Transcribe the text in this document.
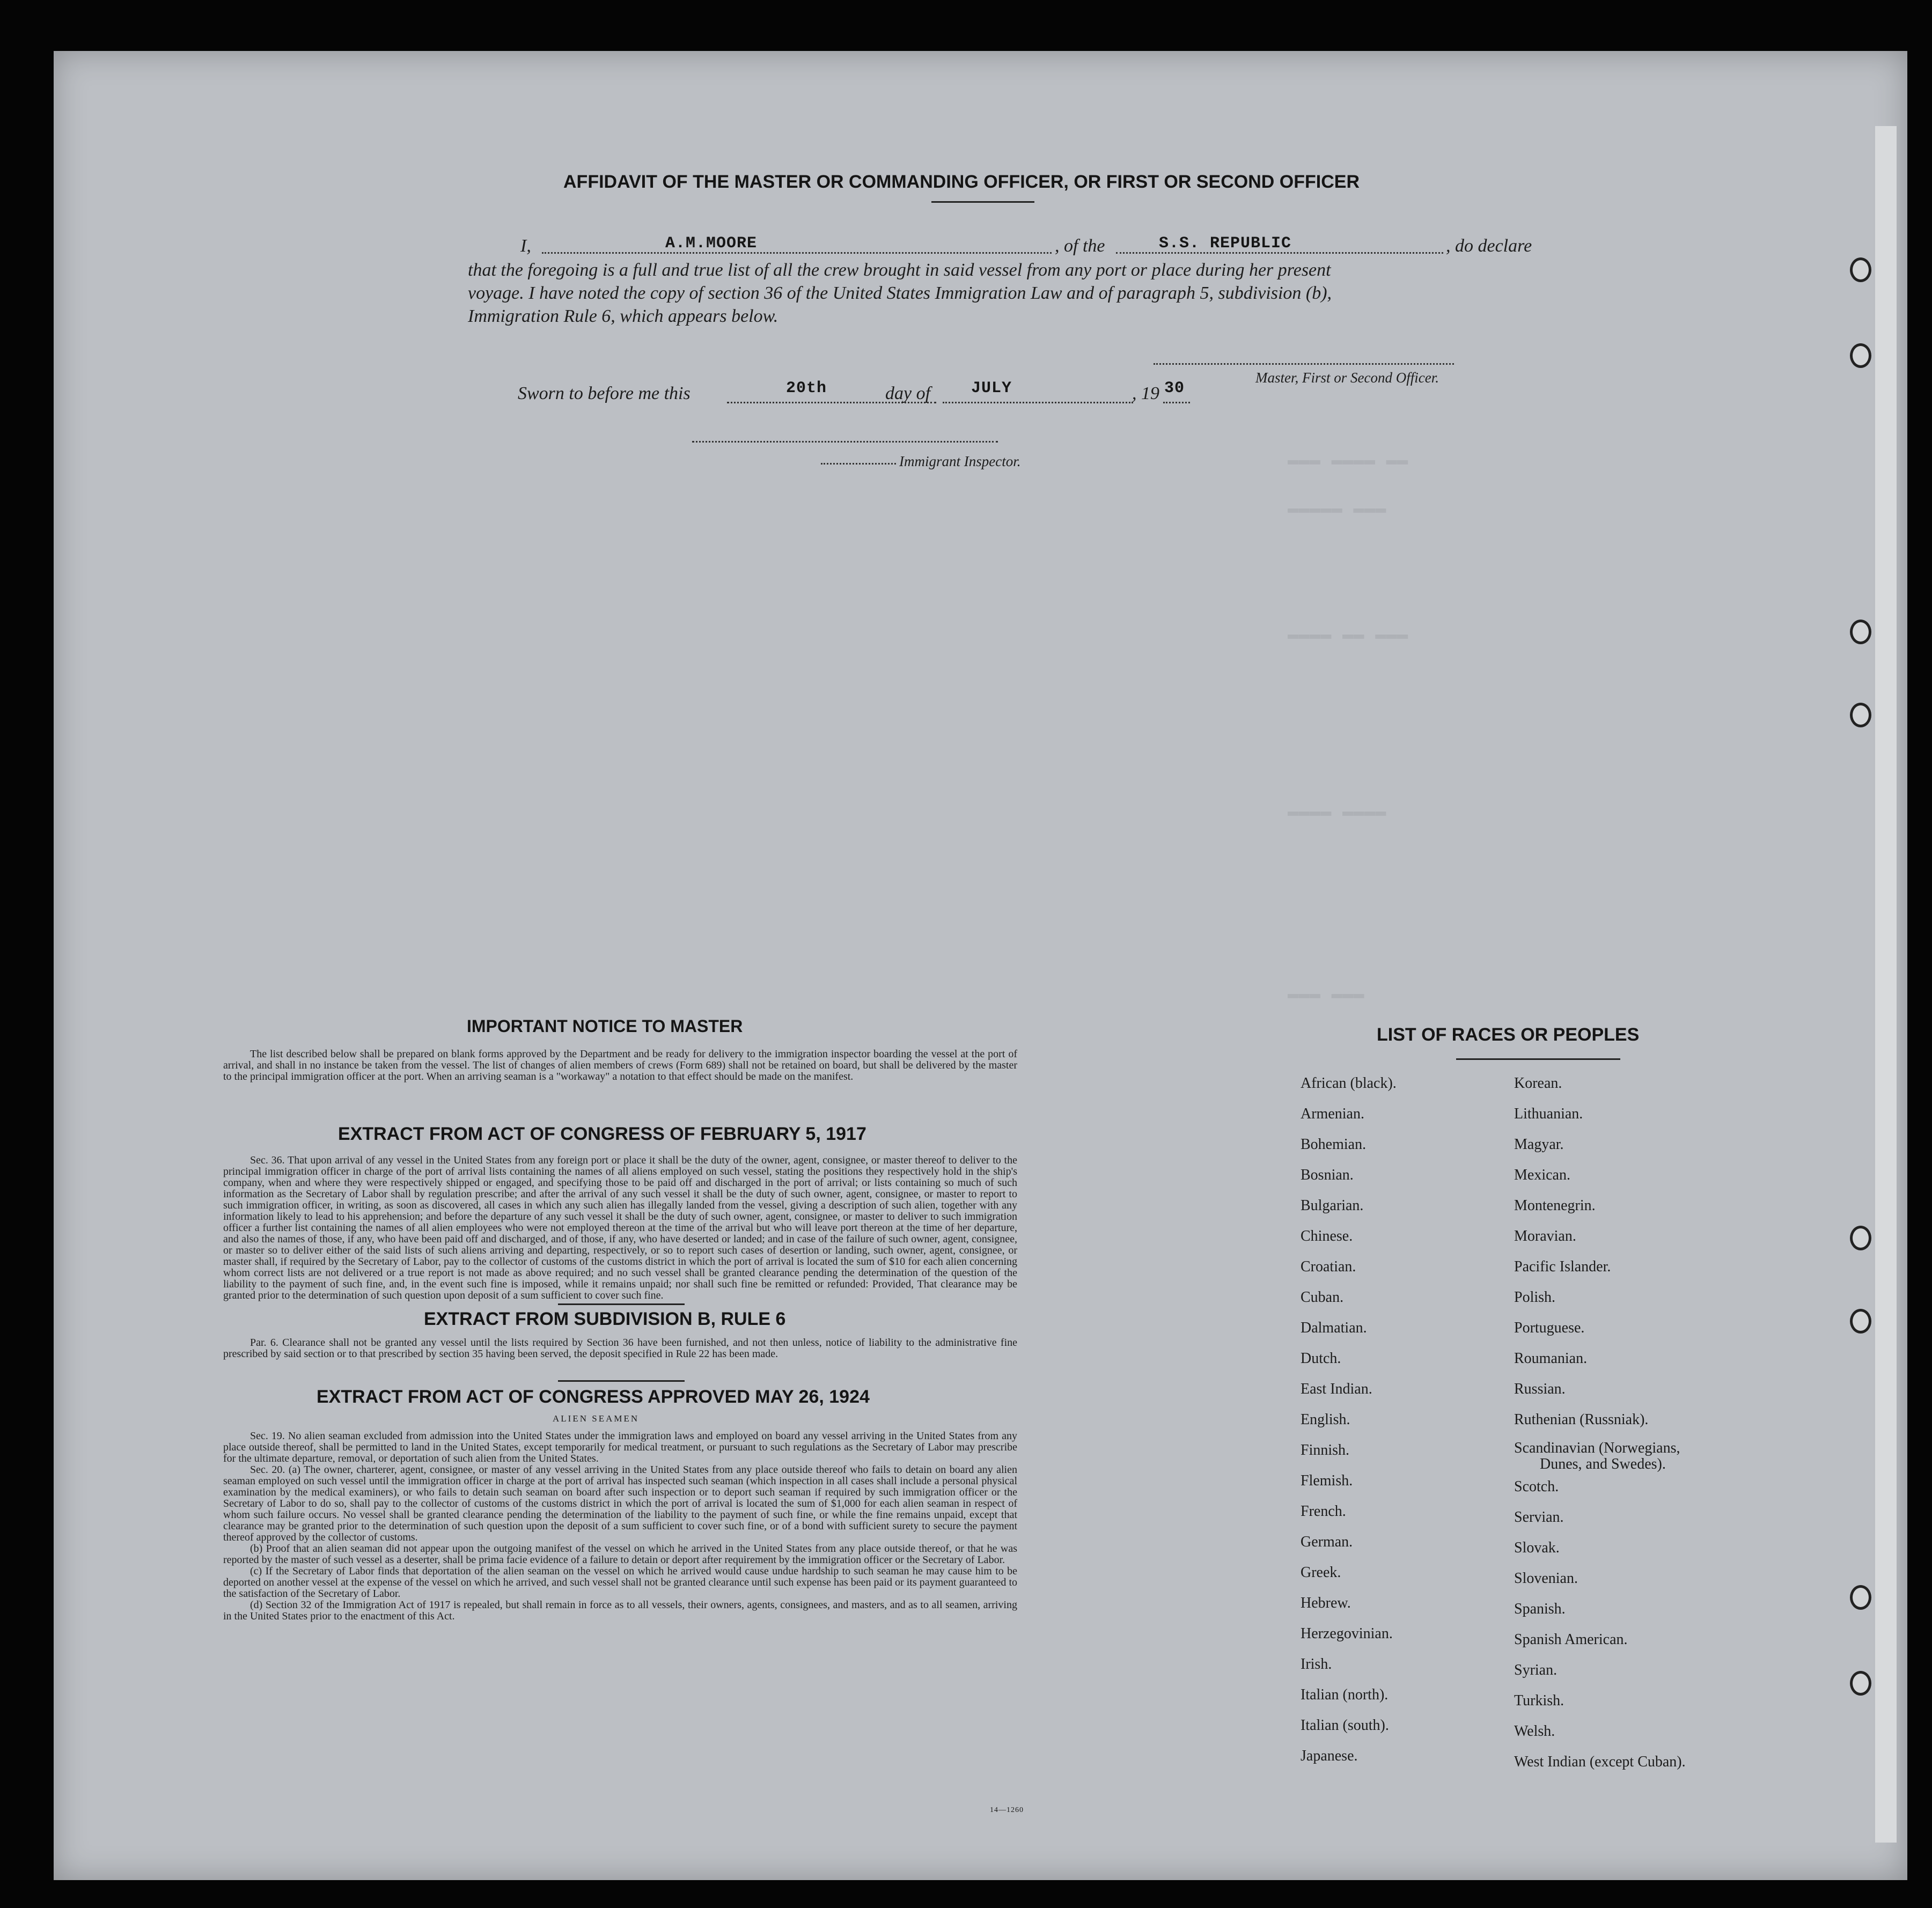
▬▬▬ ▬▬▬▬ ▬▬
▬▬▬▬▬ ▬▬▬
▬▬▬▬ ▬▬ ▬▬▬
▬▬▬▬ ▬▬▬▬
▬▬▬ ▬▬▬
AFFIDAVIT OF THE MASTER OR COMMANDING OFFICER, OR FIRST OR SECOND OFFICER
I,	A.M.MOORE	, of the	S.S. REPUBLIC	, do declare
that the foregoing is a full and true list of all the crew brought in said vessel from any port or place during her present
voyage. I have noted the copy of section 36 of the United States Immigration Law and of paragraph 5, subdivision (b),
Immigration Rule 6, which appears below.
Master, First or Second Officer.
Sworn to before me this	20th	day of	JULY	, 19 30
Immigrant Inspector.
IMPORTANT NOTICE TO MASTER

The list described below shall be prepared on blank forms approved by the Department and be ready for delivery to the immigration inspector boarding the vessel at the port of arrival, and shall in no instance be taken from the vessel. The list of changes of alien members of crews (Form 689) shall not be retained on board, but shall be delivered by the master to the principal immigration officer at the port. When an arriving seaman is a "workaway" a notation to that effect should be made on the manifest.

EXTRACT FROM ACT OF CONGRESS OF FEBRUARY 5, 1917

Sec. 36. That upon arrival of any vessel in the United States from any foreign port or place it shall be the duty of the owner, agent, consignee, or master thereof to deliver to the principal immigration officer in charge of the port of arrival lists containing the names of all aliens employed on such vessel, stating the positions they respectively hold in the ship's company, when and where they were respectively shipped or engaged, and specifying those to be paid off and discharged in the port of arrival; or lists containing so much of such information as the Secretary of Labor shall by regulation prescribe; and after the arrival of any such vessel it shall be the duty of such owner, agent, consignee, or master to report to such immigration officer, in writing, as soon as discovered, all cases in which any such alien has illegally landed from the vessel, giving a description of such alien, together with any information likely to lead to his apprehension; and before the departure of any such vessel it shall be the duty of such owner, agent, consignee, or master to deliver to such immigration officer a further list containing the names of all alien employees who were not employed thereon at the time of the arrival but who will leave port thereon at the time of her departure, and also the names of those, if any, who have been paid off and discharged, and of those, if any, who have deserted or landed; and in case of the failure of such owner, agent, consignee, or master so to deliver either of the said lists of such aliens arriving and departing, respectively, or so to report such cases of desertion or landing, such owner, agent, consignee, or master shall, if required by the Secretary of Labor, pay to the collector of customs of the customs district in which the port of arrival is located the sum of $10 for each alien concerning whom correct lists are not delivered or a true report is not made as above required; and no such vessel shall be granted clearance pending the determination of the question of the liability to the payment of such fine, and, in the event such fine is imposed, while it remains unpaid; nor shall such fine be remitted or refunded: Provided, That clearance may be granted prior to the determination of such question upon deposit of a sum sufficient to cover such fine.

EXTRACT FROM SUBDIVISION B, RULE 6

Par. 6. Clearance shall not be granted any vessel until the lists required by Section 36 have been furnished, and not then unless, notice of liability to the administrative fine prescribed by said section or to that prescribed by section 35 having been served, the deposit specified in Rule 22 has been made.

EXTRACT FROM ACT OF CONGRESS APPROVED MAY 26, 1924
ALIEN SEAMEN

Sec. 19. No alien seaman excluded from admission into the United States under the immigration laws and employed on board any vessel arriving in the United States from any place outside thereof, shall be permitted to land in the United States, except temporarily for medical treatment, or pursuant to such regulations as the Secretary of Labor may prescribe for the ultimate departure, removal, or deportation of such alien from the United States.

Sec. 20. (a) The owner, charterer, agent, consignee, or master of any vessel arriving in the United States from any place outside thereof who fails to detain on board any alien seaman employed on such vessel until the immigration officer in charge at the port of arrival has inspected such seaman (which inspection in all cases shall include a personal physical examination by the medical examiners), or who fails to detain such seaman on board after such inspection or to deport such seaman if required by such immigration officer or the Secretary of Labor to do so, shall pay to the collector of customs of the customs district in which the port of arrival is located the sum of $1,000 for each alien seaman in respect of whom such failure occurs. No vessel shall be granted clearance pending the determination of the liability to the payment of such fine, or while the fine remains unpaid, except that clearance may be granted prior to the determination of such question upon the deposit of a sum sufficient to cover such fine, or of a bond with sufficient surety to secure the payment thereof approved by the collector of customs.

(b) Proof that an alien seaman did not appear upon the outgoing manifest of the vessel on which he arrived in the United States from any place outside thereof, or that he was reported by the master of such vessel as a deserter, shall be prima facie evidence of a failure to detain or deport after requirement by the immigration officer or the Secretary of Labor.

(c) If the Secretary of Labor finds that deportation of the alien seaman on the vessel on which he arrived would cause undue hardship to such seaman he may cause him to be deported on another vessel at the expense of the vessel on which he arrived, and such vessel shall not be granted clearance until such expense has been paid or its payment guaranteed to the satisfaction of the Secretary of Labor.

(d) Section 32 of the Immigration Act of 1917 is repealed, but shall remain in force as to all vessels, their owners, agents, consignees, and masters, and as to all seamen, arriving in the United States prior to the enactment of this Act.

14—1260
LIST OF RACES OR PEOPLES
African (black).
Armenian.
Bohemian.
Bosnian.
Bulgarian.
Chinese.
Croatian.
Cuban.
Dalmatian.
Dutch.
East Indian.
English.
Finnish.
Flemish.
French.
German.
Greek.
Hebrew.
Herzegovinian.
Irish.
Italian (north).
Italian (south).
Japanese.
Korean.
Lithuanian.
Magyar.
Mexican.
Montenegrin.
Moravian.
Pacific Islander.
Polish.
Portuguese.
Roumanian.
Russian.
Ruthenian (Russniak).
Scandinavian (Norwegians,
Dunes, and Swedes).
Scotch.
Servian.
Slovak.
Slovenian.
Spanish.
Spanish American.
Syrian.
Turkish.
Welsh.
West Indian (except Cuban).
